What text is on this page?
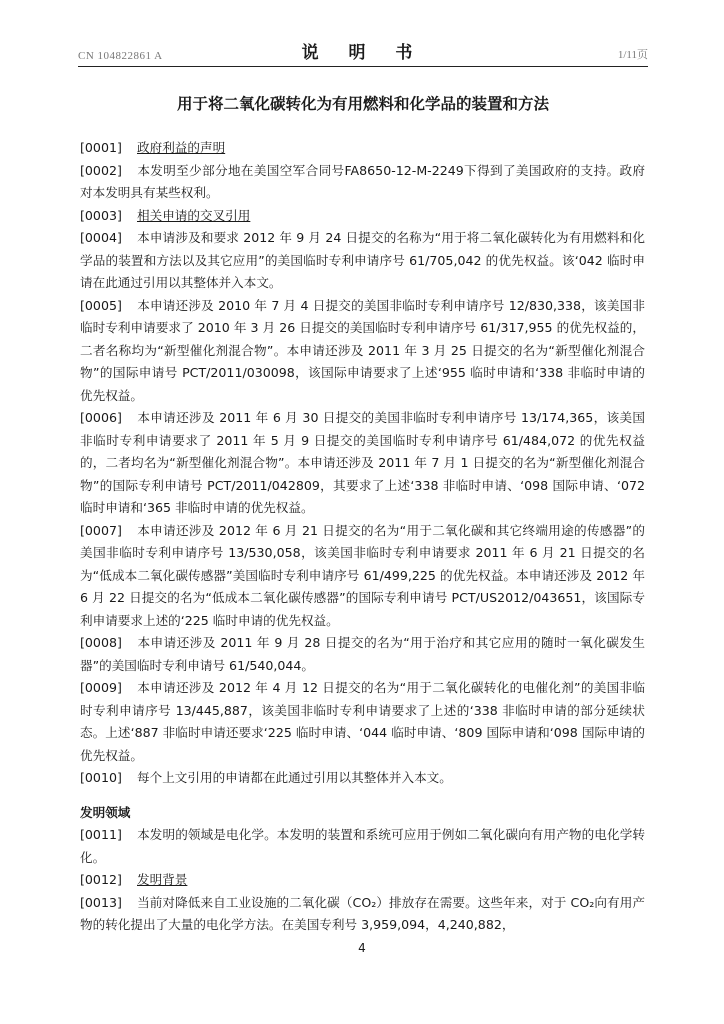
CN 104822861 A	说 明 书	1/11页
用于将二氧化碳转化为有用燃料和化学品的装置和方法
[0001] 政府利益的声明
[0002] 本发明至少部分地在美国空军合同号FA8650-12-M-2249下得到了美国政府的支持。政府对本发明具有某些权利。
[0003] 相关申请的交叉引用
[0004] 本申请涉及和要求 2012 年 9 月 24 日提交的名称为“用于将二氧化碳转化为有用燃料和化学品的装置和方法以及其它应用”的美国临时专利申请序号 61/705,042 的优先权益。该‘042 临时申请在此通过引用以其整体并入本文。
[0005] 本申请还涉及 2010 年 7 月 4 日提交的美国非临时专利申请序号 12/830,338，该美国非临时专利申请要求了 2010 年 3 月 26 日提交的美国临时专利申请序号 61/317,955 的优先权益的，二者名称均为“新型催化剂混合物”。本申请还涉及 2011 年 3 月 25 日提交的名为“新型催化剂混合物”的国际申请号 PCT/2011/030098，该国际申请要求了上述‘955 临时申请和‘338 非临时申请的优先权益。
[0006] 本申请还涉及 2011 年 6 月 30 日提交的美国非临时专利申请序号 13/174,365，该美国非临时专利申请要求了 2011 年 5 月 9 日提交的美国临时专利申请序号 61/484,072 的优先权益的，二者均名为“新型催化剂混合物”。本申请还涉及 2011 年 7 月 1 日提交的名为“新型催化剂混合物”的国际专利申请号 PCT/2011/042809，其要求了上述‘338 非临时申请、‘098 国际申请、‘072 临时申请和‘365 非临时申请的优先权益。
[0007] 本申请还涉及 2012 年 6 月 21 日提交的名为“用于二氧化碳和其它终端用途的传感器”的美国非临时专利申请序号 13/530,058，该美国非临时专利申请要求 2011 年 6 月 21 日提交的名为“低成本二氧化碳传感器”美国临时专利申请序号 61/499,225 的优先权益。本申请还涉及 2012 年 6 月 22 日提交的名为“低成本二氧化碳传感器”的国际专利申请号 PCT/US2012/043651，该国际专利申请要求上述的‘225 临时申请的优先权益。
[0008] 本申请还涉及 2011 年 9 月 28 日提交的名为“用于治疗和其它应用的随时一氧化碳发生器”的美国临时专利申请号 61/540,044。
[0009] 本申请还涉及 2012 年 4 月 12 日提交的名为“用于二氧化碳转化的电催化剂”的美国非临时专利申请序号 13/445,887，该美国非临时专利申请要求了上述的‘338 非临时申请的部分延续状态。上述‘887 非临时申请还要求‘225 临时申请、‘044 临时申请、‘809 国际申请和‘098 国际申请的优先权益。
[0010] 每个上文引用的申请都在此通过引用以其整体并入本文。
发明领域
[0011] 本发明的领域是电化学。本发明的装置和系统可应用于例如二氧化碳向有用产物的电化学转化。
[0012] 发明背景
[0013] 当前对降低来自工业设施的二氧化碳（CO₂）排放存在需要。这些年来，对于 CO₂向有用产物的转化提出了大量的电化学方法。在美国专利号 3,959,094，4,240,882，
4
